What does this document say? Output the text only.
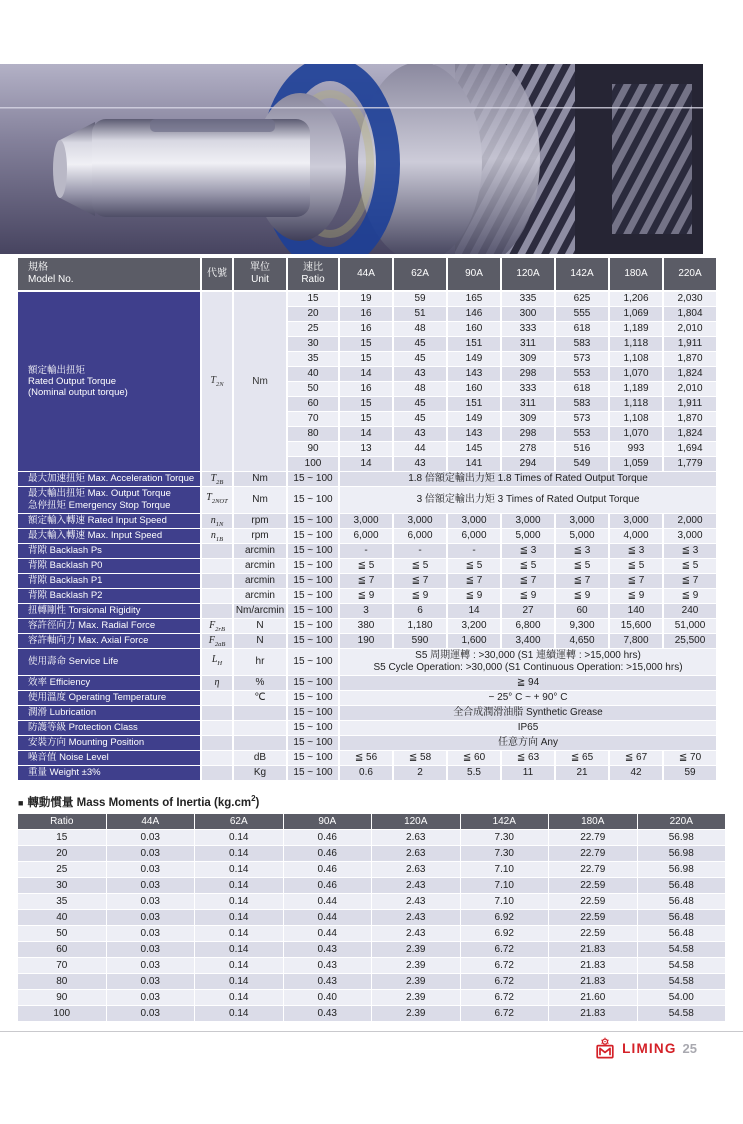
規格
Model No.
代號
單位
Unit
速比
Ratio
44A	62A	90A	120A	142A	180A	220A
額定輸出扭矩
Rated Output Torque
(Nominal output torque)
$T_{2N}$	Nm
15	19	59	165	335	625	1,206	2,030
20	16	51	146	300	555	1,069	1,804
25	16	48	160	333	618	1,189	2,010
30	15	45	151	311	583	1,118	1,911
35	15	45	149	309	573	1,108	1,870
40	14	43	143	298	553	1,070	1,824
50	16	48	160	333	618	1,189	2,010
60	15	45	151	311	583	1,118	1,911
70	15	45	149	309	573	1,108	1,870
80	14	43	143	298	553	1,070	1,824
90	13	44	145	278	516	993	1,694
100	14	43	141	294	549	1,059	1,779
最大加速扭矩 Max. Acceleration Torque	$T_{2B}$	Nm	15 ~ 100	1.8 倍額定輸出力矩 1.8 Times of Rated Output Torque
最大輸出扭矩 Max. Output Torque
急停扭矩 Emergency Stop Torque
$T_{2NOT}$	Nm	15 ~ 100	3 倍額定輸出力矩 3 Times of Rated Output Torque
額定輸入轉速 Rated Input Speed	$n_{1N}$	rpm	15 ~ 100	3,000	3,000	3,000	3,000	3,000	3,000	2,000
最大輸入轉速 Max. Input Speed	$n_{1B}$	rpm	15 ~ 100	6,000	6,000	6,000	5,000	5,000	4,000	3,000
背隙 Backlash Ps	arcmin	15 ~ 100	-	-	-	≦ 3	≦ 3	≦ 3	≦ 3
背隙 Backlash P0	arcmin	15 ~ 100	≦ 5	≦ 5	≦ 5	≦ 5	≦ 5	≦ 5	≦ 5
背隙 Backlash P1	arcmin	15 ~ 100	≦ 7	≦ 7	≦ 7	≦ 7	≦ 7	≦ 7	≦ 7
背隙 Backlash P2	arcmin	15 ~ 100	≦ 9	≦ 9	≦ 9	≦ 9	≦ 9	≦ 9	≦ 9
扭轉剛性 Torsional Rigidity	Nm/arcmin 15 ~ 100	3	6	14	27	60	140	240
容許徑向力 Max. Radial Force	$F_{2rB}$	N	15 ~ 100	380	1,180	3,200	6,800	9,300	15,600	51,000
容許軸向力 Max. Axial Force	$F_{2aB}$	N	15 ~ 100	190	590	1,600	3,400	4,650	7,800	25,500
使用壽命 Service Life	$L_H$	hr	15 ~ 100
S5 周期運轉 : >30,000 (S1 連續運轉 : >15,000 hrs)
S5 Cycle Operation: >30,000 (S1 Continuous Operation: >15,000 hrs)
效率 Efficiency	η	%	15 ~ 100	≧ 94
使用溫度 Operating Temperature	℃	15 ~ 100	− 25° C ~ + 90° C
潤滑 Lubrication	15 ~ 100	全合成潤滑油脂 Synthetic Grease
防護等級 Protection Class	15 ~ 100	IP65
安裝方向 Mounting Position	15 ~ 100	任意方向 Any
噪音值 Noise Level	dB	15 ~ 100	≦ 56	≦ 58	≦ 60	≦ 63	≦ 65	≦ 67	≦ 70
重量 Weight ±3%	Kg	15 ~ 100	0.6	2	5.5	11	21	42	59
■ 轉動慣量 Mass Moments of Inertia $(kg.cm^2)$
Ratio	44A	62A	90A	120A	142A	180A	220A
15	0.03	0.14	0.46	2.63	7.30	22.79	56.98
20	0.03	0.14	0.46	2.63	7.30	22.79	56.98
25	0.03	0.14	0.46	2.63	7.10	22.79	56.98
30	0.03	0.14	0.46	2.43	7.10	22.59	56.48
35	0.03	0.14	0.44	2.43	7.10	22.59	56.48
40	0.03	0.14	0.44	2.43	6.92	22.59	56.48
50	0.03	0.14	0.44	2.43	6.92	22.59	56.48
60	0.03	0.14	0.43	2.39	6.72	21.83	54.58
70	0.03	0.14	0.43	2.39	6.72	21.83	54.58
80	0.03	0.14	0.43	2.39	6.72	21.83	54.58
90	0.03	0.14	0.40	2.39	6.72	21.60	54.00
100	0.03	0.14	0.43	2.39	6.72	21.83	54.58
LIMING 25
